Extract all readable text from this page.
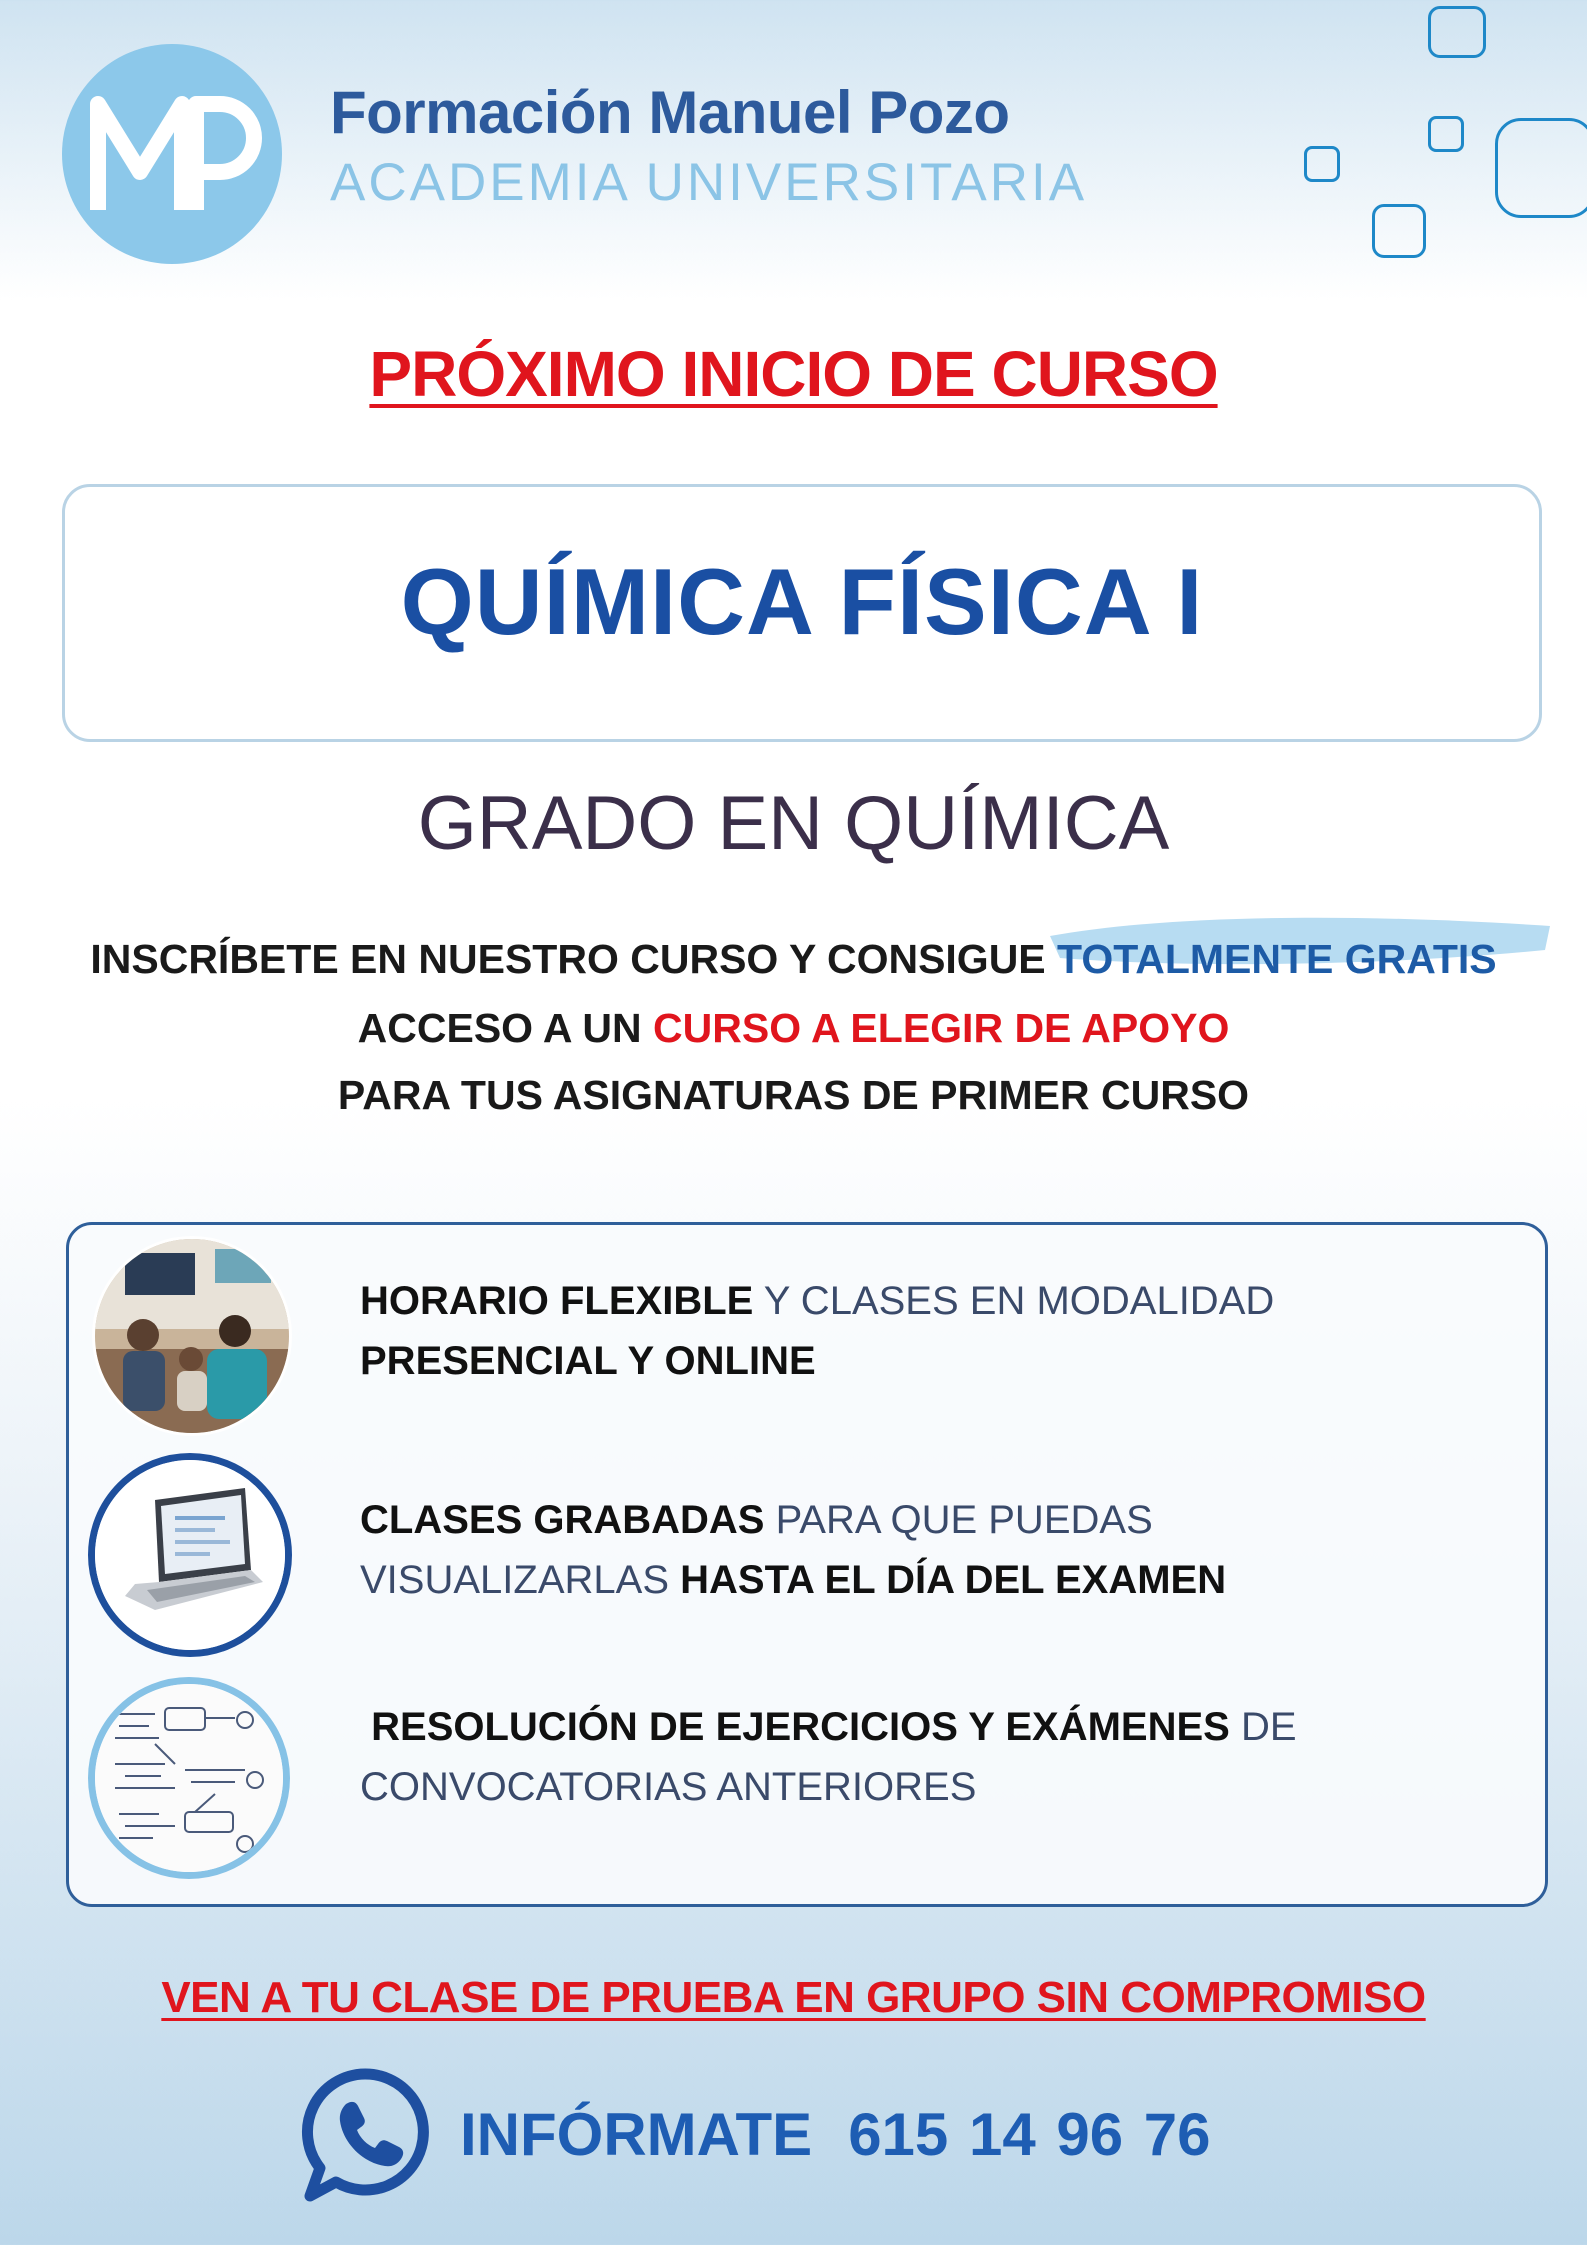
Formación Manuel Pozo
ACADEMIA UNIVERSITARIA
PRÓXIMO INICIO DE CURSO
QUÍMICA FÍSICA I
GRADO EN QUÍMICA
INSCRÍBETE EN NUESTRO CURSO Y CONSIGUE TOTALMENTE GRATIS
ACCESO A UN CURSO A ELEGIR DE APOYO
PARA TUS ASIGNATURAS DE PRIMER CURSO
HORARIO FLEXIBLE Y CLASES EN MODALIDAD
PRESENCIAL Y ONLINE
CLASES GRABADAS PARA QUE PUEDAS
VISUALIZARLAS HASTA EL DÍA DEL EXAMEN
RESOLUCIÓN DE EJERCICIOS Y EXÁMENES DE
CONVOCATORIAS ANTERIORES
VEN A TU CLASE DE PRUEBA EN GRUPO SIN COMPROMISO
INFÓRMATE 615 14 96 76
